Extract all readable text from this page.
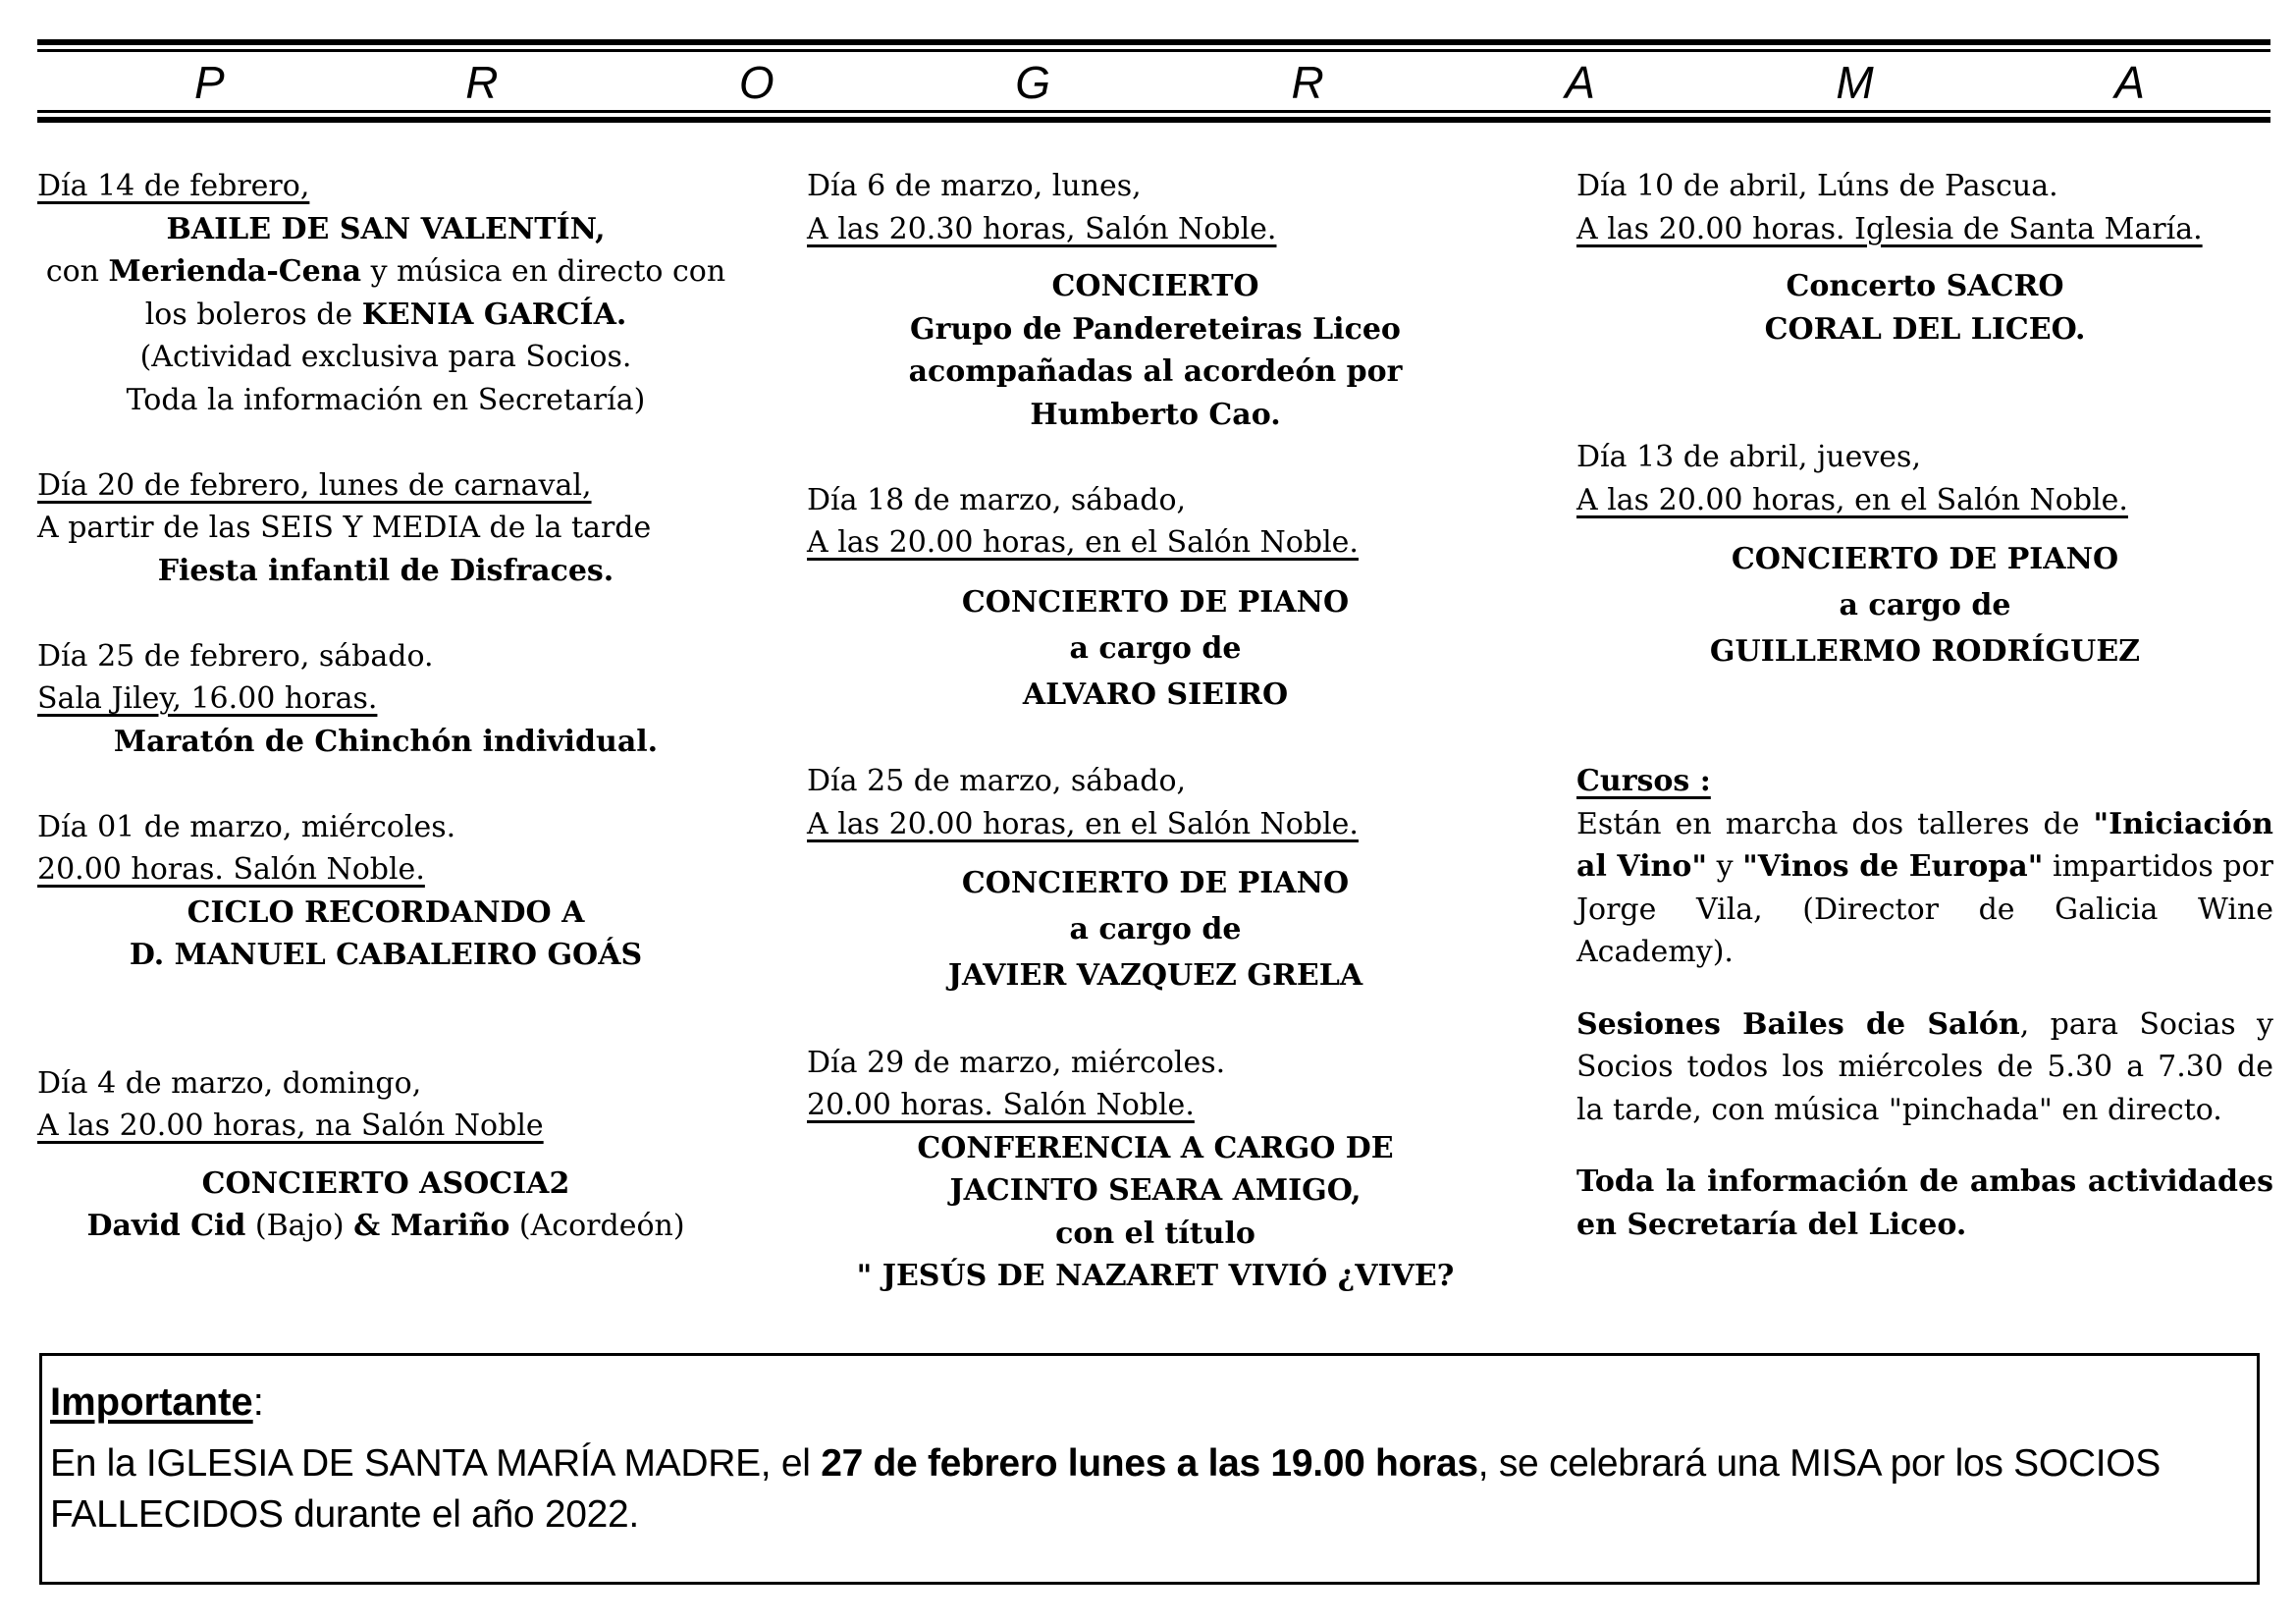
P	R	O	G	R	A	M	A
Día 14 de febrero,
BAILE DE SAN VALENTÍN,
con Merienda-Cena y música en directo con
los boleros de KENIA GARCÍA.
(Actividad exclusiva para Socios.
Toda la información en Secretaría)
Día 20 de febrero, lunes de carnaval,
A partir de las SEIS Y MEDIA de la tarde
Fiesta infantil de Disfraces.
Día 25 de febrero, sábado.
Sala Jiley, 16.00 horas.
Maratón de Chinchón individual.
Día 01 de marzo, miércoles.
20.00 horas. Salón Noble.
CICLO RECORDANDO A
D. MANUEL CABALEIRO GOÁS
Día 4 de marzo, domingo,
A las 20.00 horas, na Salón Noble
CONCIERTO ASOCIA2
David Cid (Bajo) & Mariño (Acordeón)
Día 6 de marzo, lunes,
A las 20.30 horas, Salón Noble.
CONCIERTO
Grupo de Pandereteiras Liceo
acompañadas al acordeón por
Humberto Cao.
Día 18 de marzo, sábado,
A las 20.00 horas, en el Salón Noble.
CONCIERTO DE PIANO
a cargo de
ALVARO SIEIRO
Día 25 de marzo, sábado,
A las 20.00 horas, en el Salón Noble.
CONCIERTO DE PIANO
a cargo de
JAVIER VAZQUEZ GRELA
Día 29 de marzo, miércoles.
20.00 horas. Salón Noble.
CONFERENCIA A CARGO DE
JACINTO SEARA AMIGO,
con el título
" JESÚS DE NAZARET VIVIÓ ¿VIVE?
Día 10 de abril, Lúns de Pascua.
A las 20.00 horas. Iglesia de Santa María.
Concerto SACRO
CORAL DEL LICEO.
Día 13 de abril, jueves,
A las 20.00 horas, en el Salón Noble.
CONCIERTO DE PIANO
a cargo de
GUILLERMO RODRÍGUEZ
Cursos :
Están en marcha dos talleres de "Iniciación al Vino" y "Vinos de Europa" impartidos por Jorge Vila, (Director de Galicia Wine Academy).
Sesiones Bailes de Salón, para Socias y Socios todos los miércoles de 5.30 a 7.30 de la tarde, con música "pinchada" en directo.
Toda la información de ambas actividades en Secretaría del Liceo.
Importante:
En la IGLESIA DE SANTA MARÍA MADRE, el 27 de febrero lunes a las 19.00 horas, se celebrará una MISA por los SOCIOS FALLECIDOS durante el año 2022.
